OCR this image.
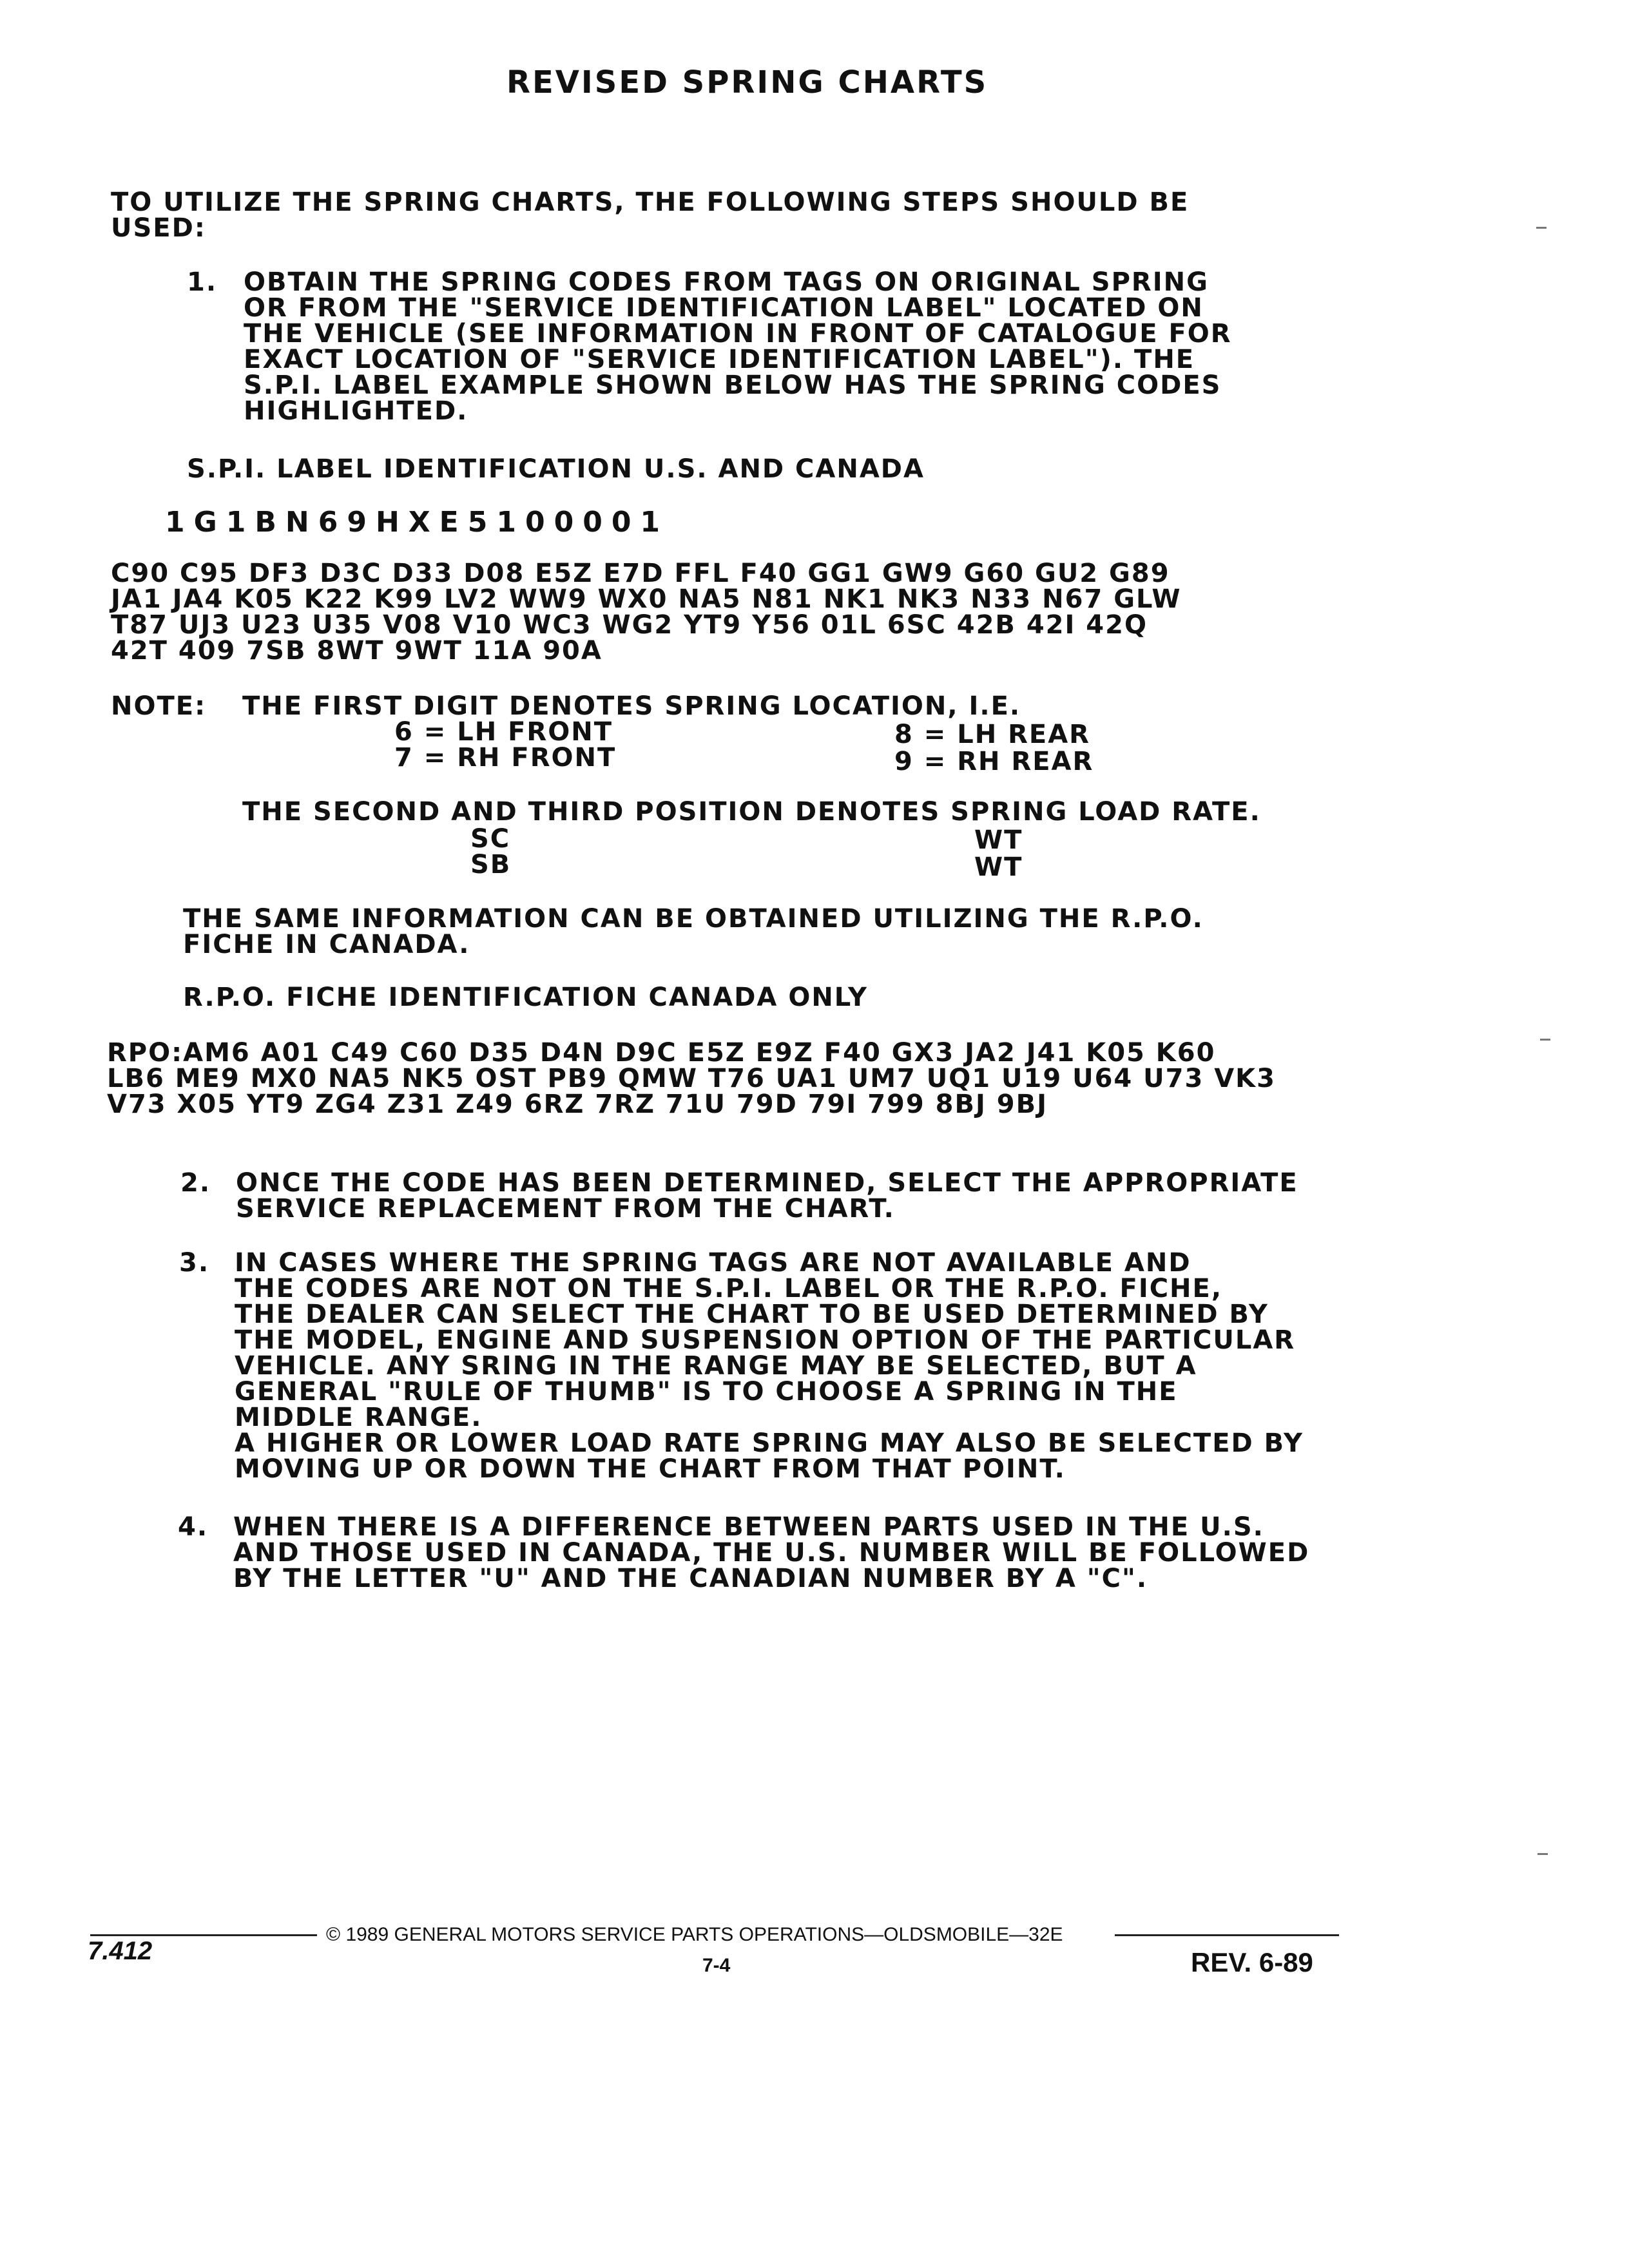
REVISED SPRING CHARTS
TO UTILIZE THE SPRING CHARTS, THE FOLLOWING STEPS SHOULD BE
USED:
1. OBTAIN THE SPRING CODES FROM TAGS ON ORIGINAL SPRING
OR FROM THE "SERVICE IDENTIFICATION LABEL" LOCATED ON
THE VEHICLE (SEE INFORMATION IN FRONT OF CATALOGUE FOR
EXACT LOCATION OF "SERVICE IDENTIFICATION LABEL"). THE
S.P.I. LABEL EXAMPLE SHOWN BELOW HAS THE SPRING CODES
HIGHLIGHTED.
S.P.I. LABEL IDENTIFICATION U.S. AND CANADA
1G1BN69HXE5100001
C90 C95 DF3 D3C D33 D08 E5Z E7D FFL F40 GG1 GW9 G60 GU2 G89
JA1 JA4 K05 K22 K99 LV2 WW9 WX0 NA5 N81 NK1 NK3 N33 N67 GLW
T87 UJ3 U23 U35 V08 V10 WC3 WG2 YT9 Y56 01L 6SC 42B 42I 42Q
42T 409 7SB 8WT 9WT 11A 90A
NOTE: THE FIRST DIGIT DENOTES SPRING LOCATION, I.E.
6 = LH FRONT
7 = RH FRONT
8 = LH REAR
9 = RH REAR
THE SECOND AND THIRD POSITION DENOTES SPRING LOAD RATE.
SC
SB
WT
WT
THE SAME INFORMATION CAN BE OBTAINED UTILIZING THE R.P.O.
FICHE IN CANADA.
R.P.O. FICHE IDENTIFICATION CANADA ONLY
RPO:AM6 A01 C49 C60 D35 D4N D9C E5Z E9Z F40 GX3 JA2 J41 K05 K60
LB6 ME9 MX0 NA5 NK5 OST PB9 QMW T76 UA1 UM7 UQ1 U19 U64 U73 VK3
V73 X05 YT9 ZG4 Z31 Z49 6RZ 7RZ 71U 79D 79I 799 8BJ 9BJ
2. ONCE THE CODE HAS BEEN DETERMINED, SELECT THE APPROPRIATE
SERVICE REPLACEMENT FROM THE CHART.
3. IN CASES WHERE THE SPRING TAGS ARE NOT AVAILABLE AND
THE CODES ARE NOT ON THE S.P.I. LABEL OR THE R.P.O. FICHE,
THE DEALER CAN SELECT THE CHART TO BE USED DETERMINED BY
THE MODEL, ENGINE AND SUSPENSION OPTION OF THE PARTICULAR
VEHICLE. ANY SRING IN THE RANGE MAY BE SELECTED, BUT A
GENERAL "RULE OF THUMB" IS TO CHOOSE A SPRING IN THE
MIDDLE RANGE.
A HIGHER OR LOWER LOAD RATE SPRING MAY ALSO BE SELECTED BY
MOVING UP OR DOWN THE CHART FROM THAT POINT.
4. WHEN THERE IS A DIFFERENCE BETWEEN PARTS USED IN THE U.S.
AND THOSE USED IN CANADA, THE U.S. NUMBER WILL BE FOLLOWED
BY THE LETTER "U" AND THE CANADIAN NUMBER BY A "C".
© 1989 GENERAL MOTORS SERVICE PARTS OPERATIONS—OLDSMOBILE—32E
7.412
7-4	REV. 6-89
